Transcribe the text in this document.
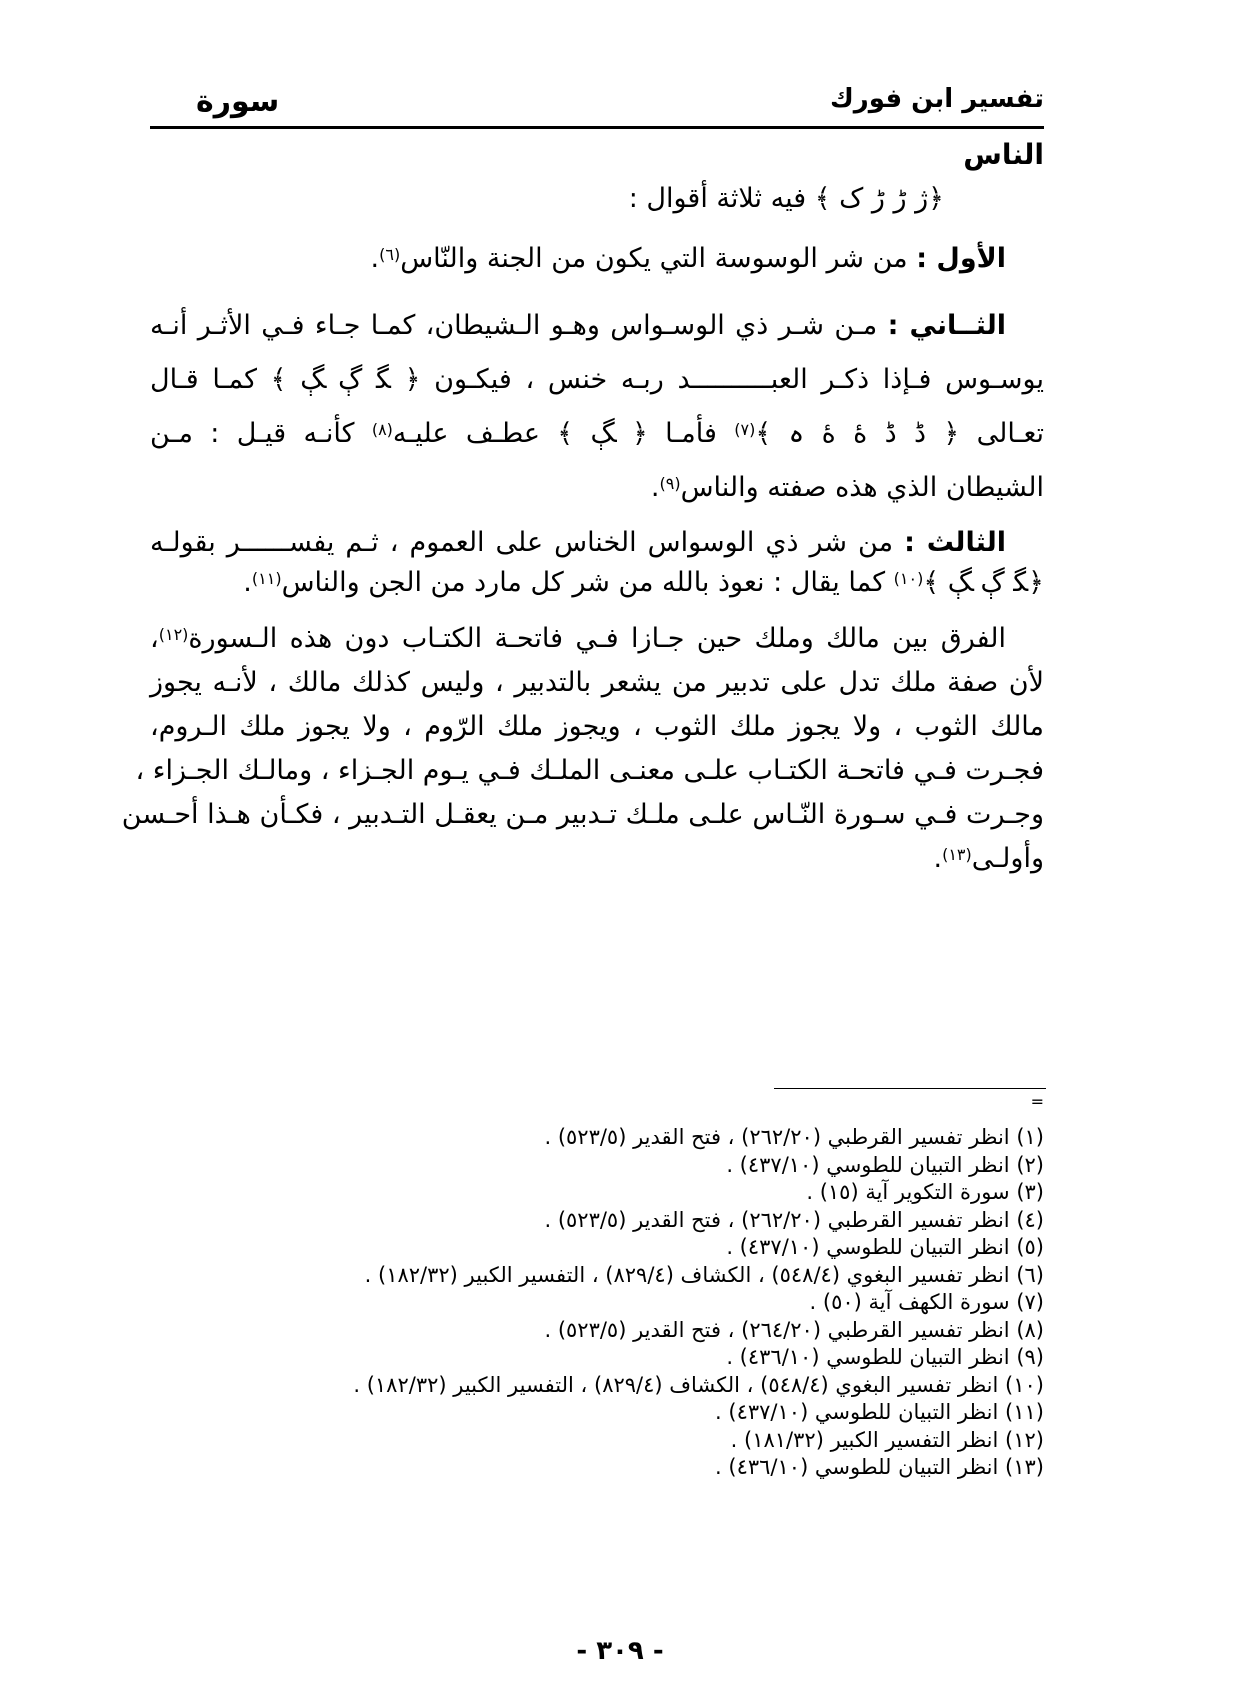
تفسير ابن فورك
سورة
الناس
﴿ژ ڑ ڑ ک ﴾ فيه ثلاثة أقوال :
الأول : من شر الوسوسة التي يكون من الجنة والنّاس$^{(٦)}$.
الثــاني : مـن شـر ذي الوسـواس وهـو الـشيطان، كمـا جـاء فـي الأثـر أنـه
يوسـوس فـإذا ذكـر العبــــــــــد ربـه خنس ، فيكـون ﴿ ﮕ ﮖ ﮗ ﴾ كمـا قـال
تعـالى ﴿ ڈ ڈ ۀ ۀ ہ ﴾$^{(٧)}$ فأمـا ﴿ ﮗ ﴾ عطـف عليـه$^{(٨)}$ كأنـه قيـل : مـن
الشيطان الذي هذه صفته والناس$^{(٩)}$.
الثالث : من شر ذي الوسواس الخناس على العموم ، ثـم يفســــــر بقولـه
﴿ﮕ ﮖ ﮗ ﴾$^{(١٠)}$ كما يقال : نعوذ بالله من شر كل مارد من الجن والناس$^{(١١)}$.
الفرق بين مالك وملك حين جـازا فـي فاتحـة الكتـاب دون هذه الـسورة$^{(١٢)}$،
لأن صفة ملك تدل على تدبير من يشعر بالتدبير ، وليس كذلك مالك ، لأنـه يجوز
مالك الثوب ، ولا يجوز ملك الثوب ، ويجوز ملك الرّوم ، ولا يجوز ملك الـروم،
فجـرت فـي فاتحـة الكتـاب علـى معنـى الملـك فـي يـوم الجـزاء ، ومالـك الجـزاء ،
وجـرت فـي سـورة النّـاس علـى ملـك تـدبير مـن يعقـل التـدبير ، فكـأن هـذا أحـسن
وأولـى$^{(١٣)}$.
=
(١) انظر تفسير القرطبي (٢٦٢/٢٠) ، فتح القدير (٥٢٣/٥) .
(٢) انظر التبيان للطوسي (٤٣٧/١٠) .
(٣) سورة التكوير آية (١٥) .
(٤) انظر تفسير القرطبي (٢٦٢/٢٠) ، فتح القدير (٥٢٣/٥) .
(٥) انظر التبيان للطوسي (٤٣٧/١٠) .
(٦) انظر تفسير البغوي (٥٤٨/٤) ، الكشاف (٨٢٩/٤) ، التفسير الكبير (١٨٢/٣٢) .
(٧) سورة الكهف آية (٥٠) .
(٨) انظر تفسير القرطبي (٢٦٤/٢٠) ، فتح القدير (٥٢٣/٥) .
(٩) انظر التبيان للطوسي (٤٣٦/١٠) .
(١٠) انظر تفسير البغوي (٥٤٨/٤) ، الكشاف (٨٢٩/٤) ، التفسير الكبير (١٨٢/٣٢) .
(١١) انظر التبيان للطوسي (٤٣٧/١٠) .
(١٢) انظر التفسير الكبير (١٨١/٣٢) .
(١٣) انظر التبيان للطوسي (٤٣٦/١٠) .
- ٣٠٩ -
